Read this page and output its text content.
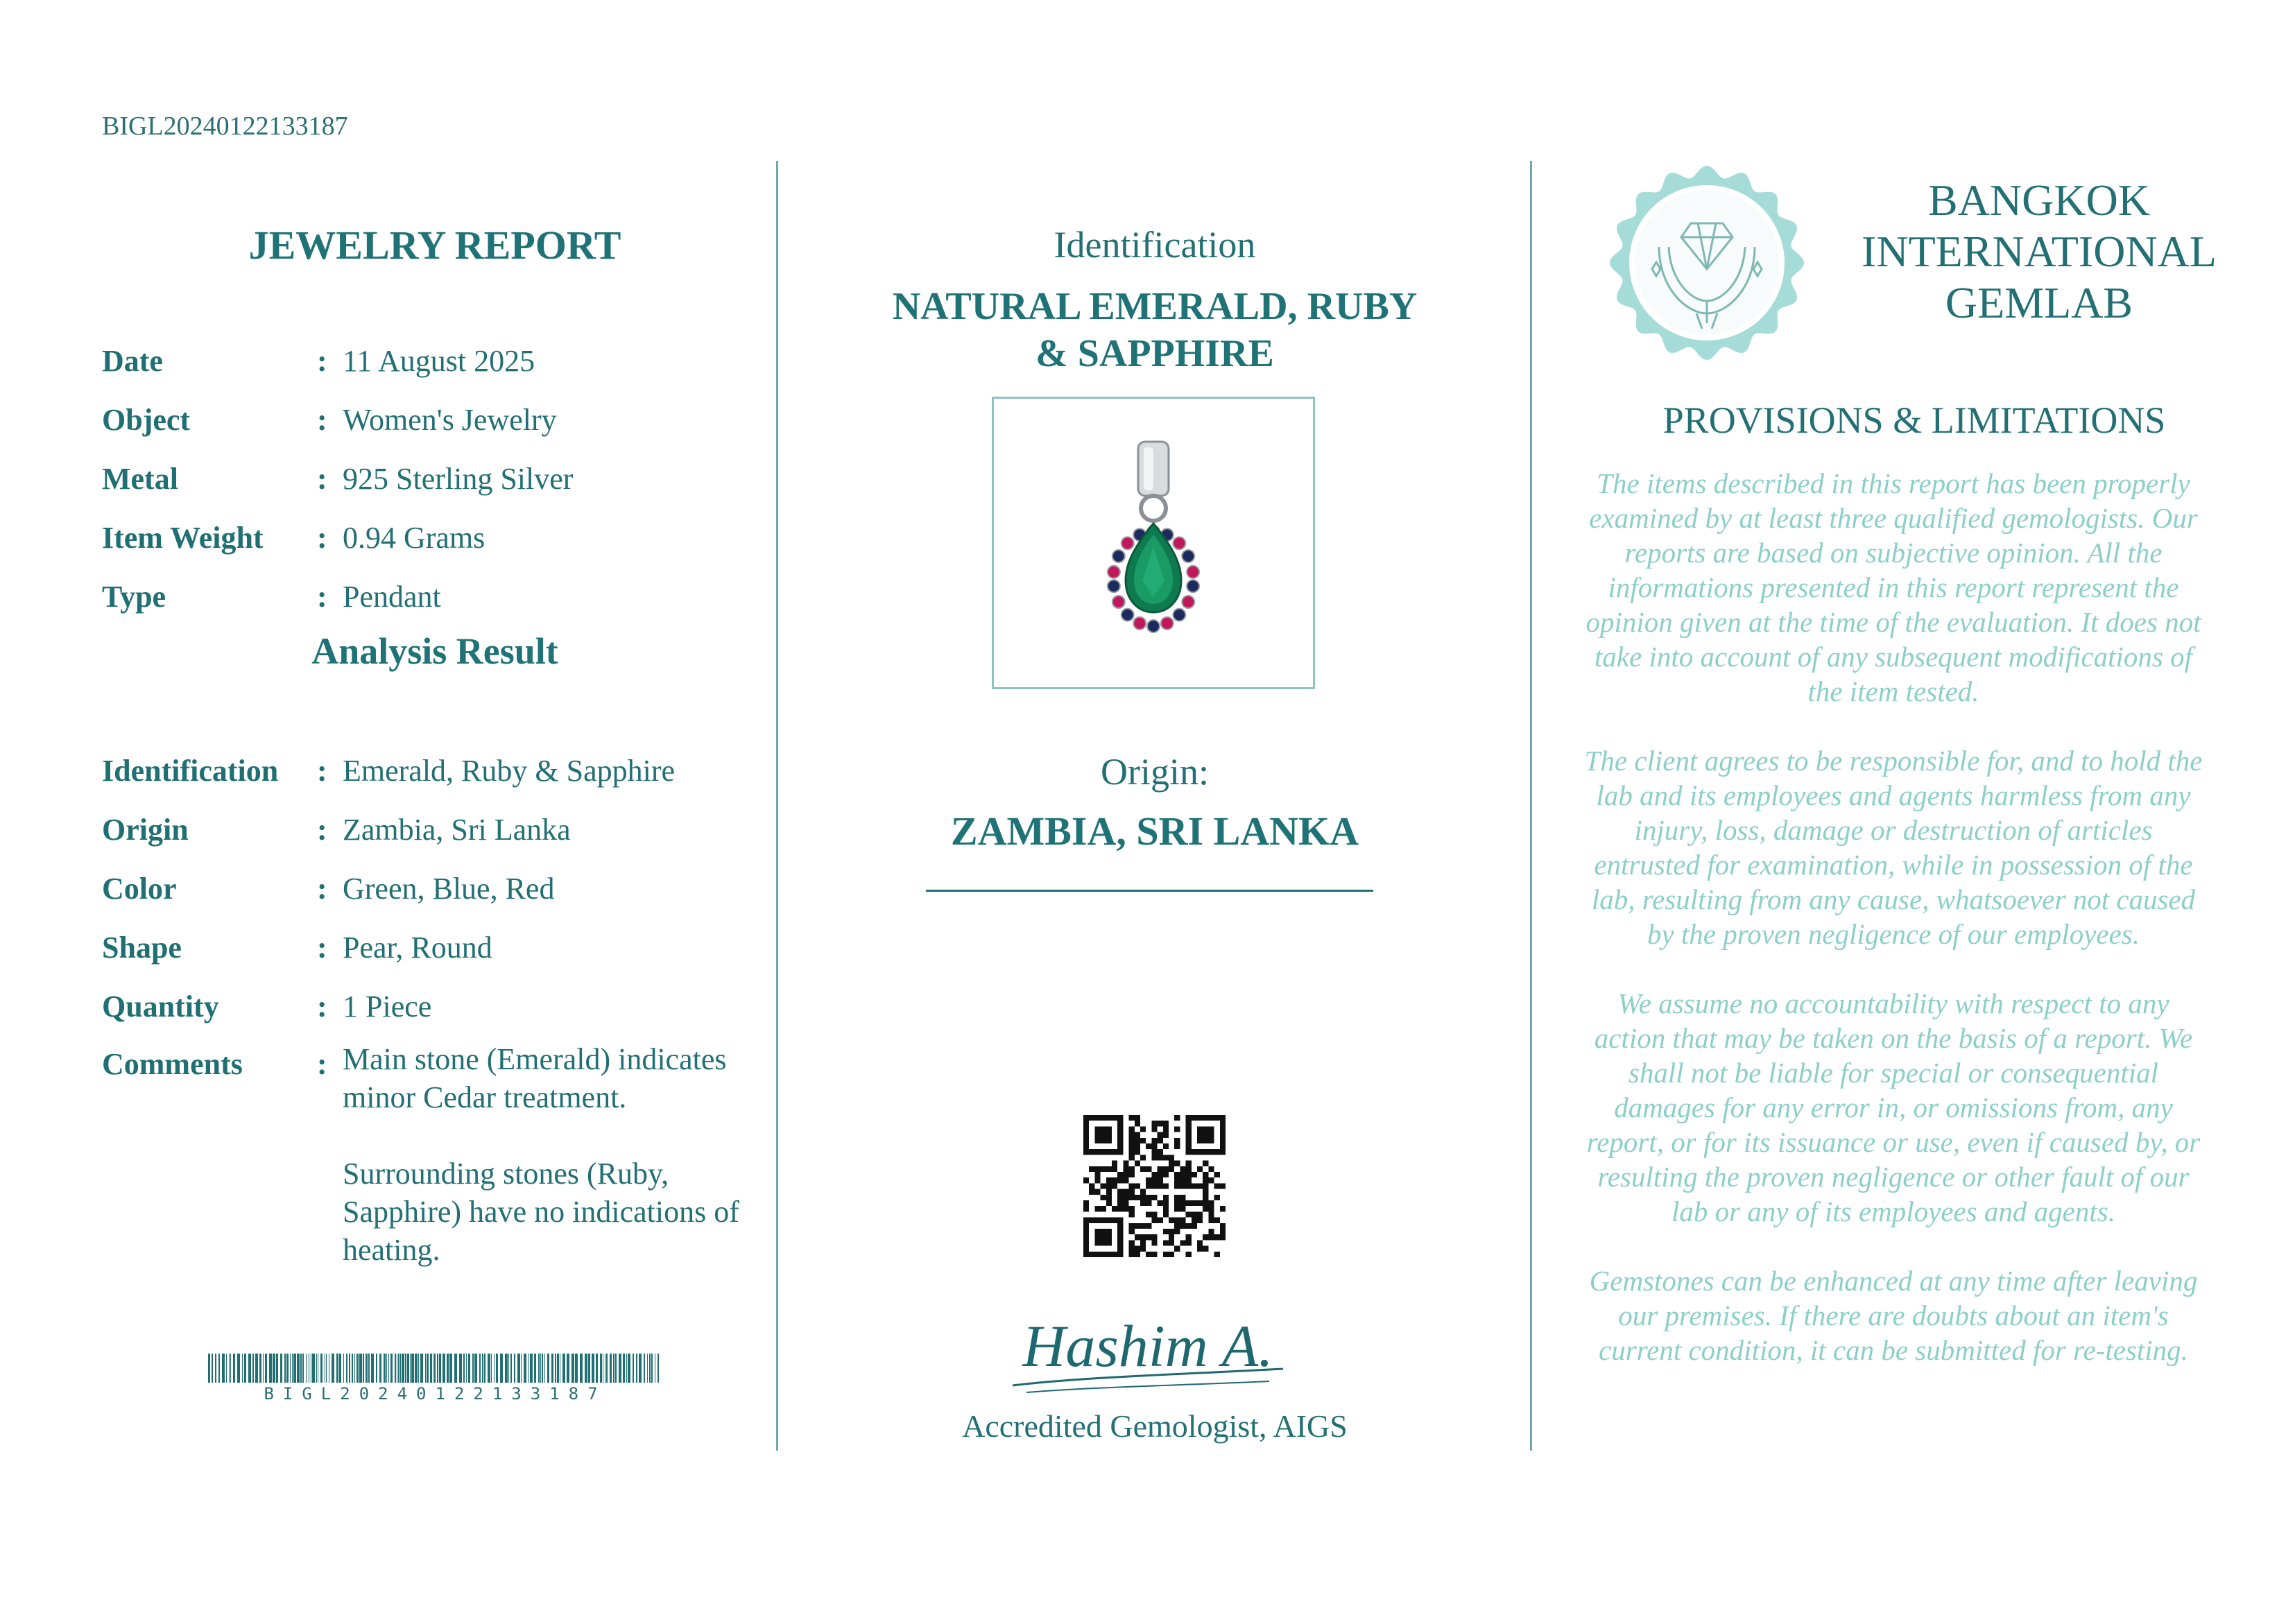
BIGL20240122133187
JEWELRY REPORT
Date	: 11 August 2025
Object	: Women's Jewelry
Metal	: 925 Sterling Silver
Item Weight	: 0.94 Grams
Type	: Pendant
Analysis Result
Identification	: Emerald, Ruby & Sapphire
Origin	: Zambia, Sri Lanka
Color	: Green, Blue, Red
Shape	: Pear, Round
Quantity	: 1 Piece
Comments	: Main stone (Emerald) indicates minor Cedar treatment.

Surrounding stones (Ruby, Sapphire) have no indications of heating.

BIGL20240122133187
Identification
NATURAL EMERALD, RUBY & SAPPHIRE
Origin:
ZAMBIA, SRI LANKA
Hashim A.
Accredited Gemologist, AIGS
BANGKOK INTERNATIONAL GEMLAB
PROVISIONS & LIMITATIONS

The items described in this report has been properly examined by at least three qualified gemologists. Our reports are based on subjective opinion. All the informations presented in this report represent the opinion given at the time of the evaluation. It does not take into account of any subsequent modifications of the item tested.

The client agrees to be responsible for, and to hold the lab and its employees and agents harmless from any injury, loss, damage or destruction of articles entrusted for examination, while in possession of the lab, resulting from any cause, whatsoever not caused by the proven negligence of our employees.

We assume no accountability with respect to any action that may be taken on the basis of a report. We shall not be liable for special or consequential damages for any error in, or omissions from, any report, or for its issuance or use, even if caused by, or resulting the proven negligence or other fault of our lab or any of its employees and agents.

Gemstones can be enhanced at any time after leaving our premises. If there are doubts about an item's current condition, it can be submitted for re-testing.
